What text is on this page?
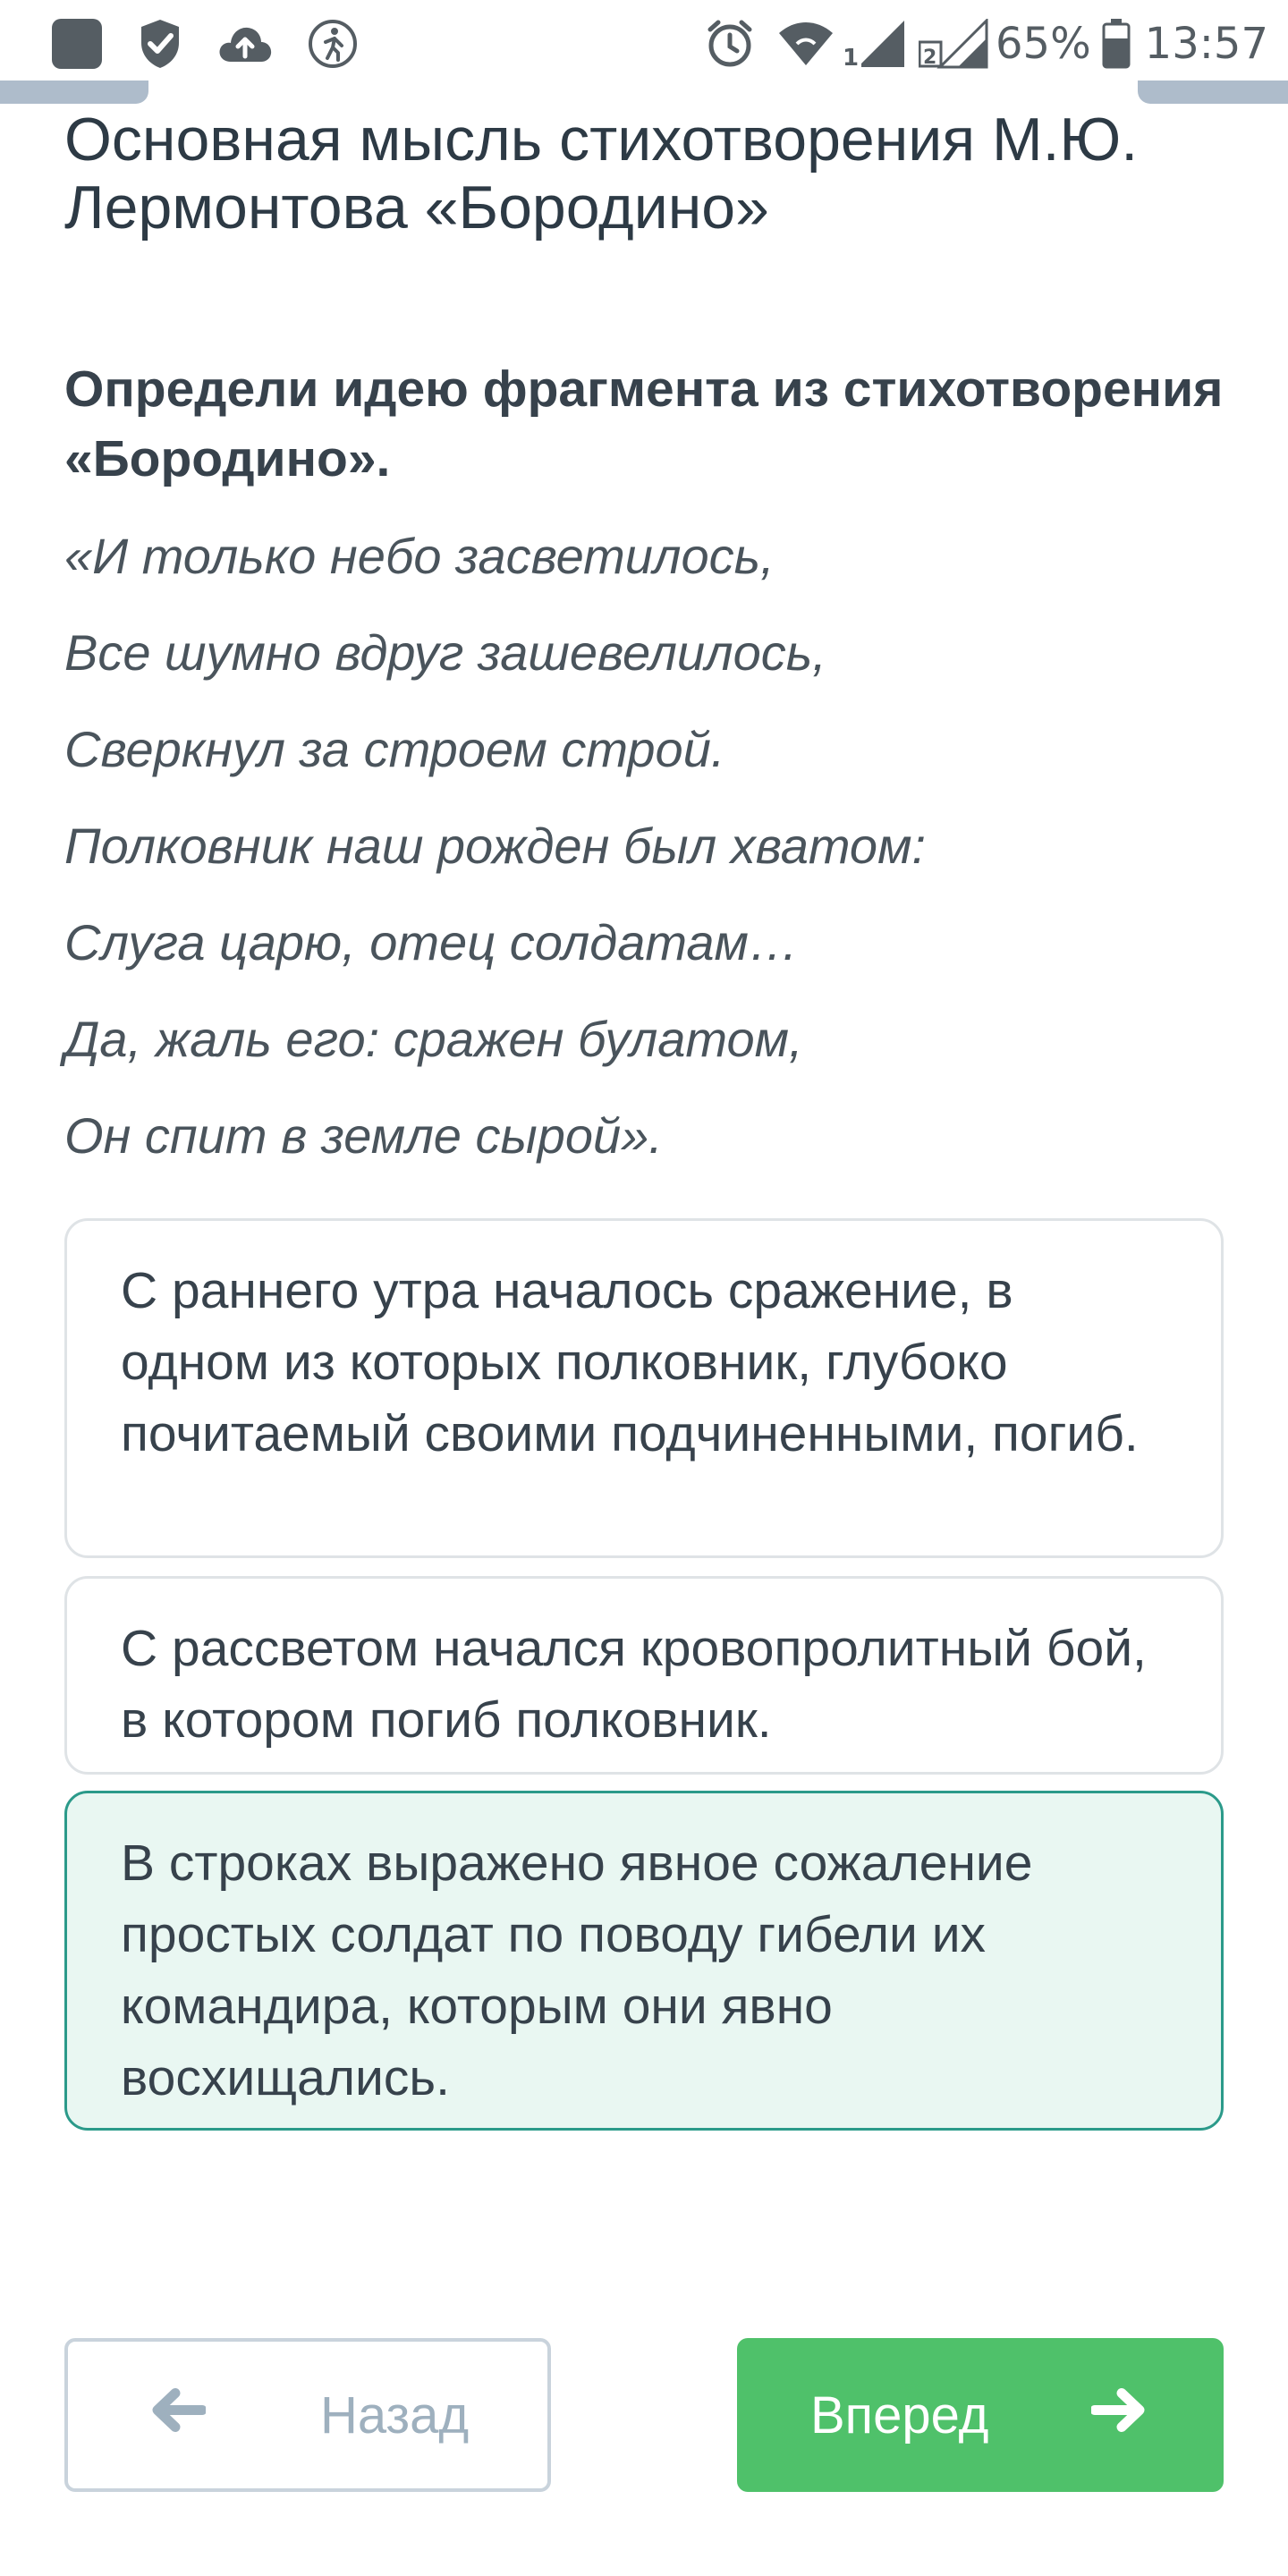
1	2 65% 13:57
Основная мысль стихотворения М.Ю. Лермонтова «Бородино»
Определи идею фрагмента из стихотворения «Бородино».
«И только небо засветилось,
Все шумно вдруг зашевелилось,
Сверкнул за строем строй.
Полковник наш рожден был хватом:
Слуга царю, отец солдатам…
Да, жаль его: сражен булатом,
Он спит в земле сырой».
С раннего утра началось сражение, в одном из которых полковник, глубоко почитаемый своими подчиненными, погиб.
С рассветом начался кровопролитный бой, в котором погиб полковник.
В строках выражено явное сожаление простых солдат по поводу гибели их командира, которым они явно восхищались.
Назад	Вперед
